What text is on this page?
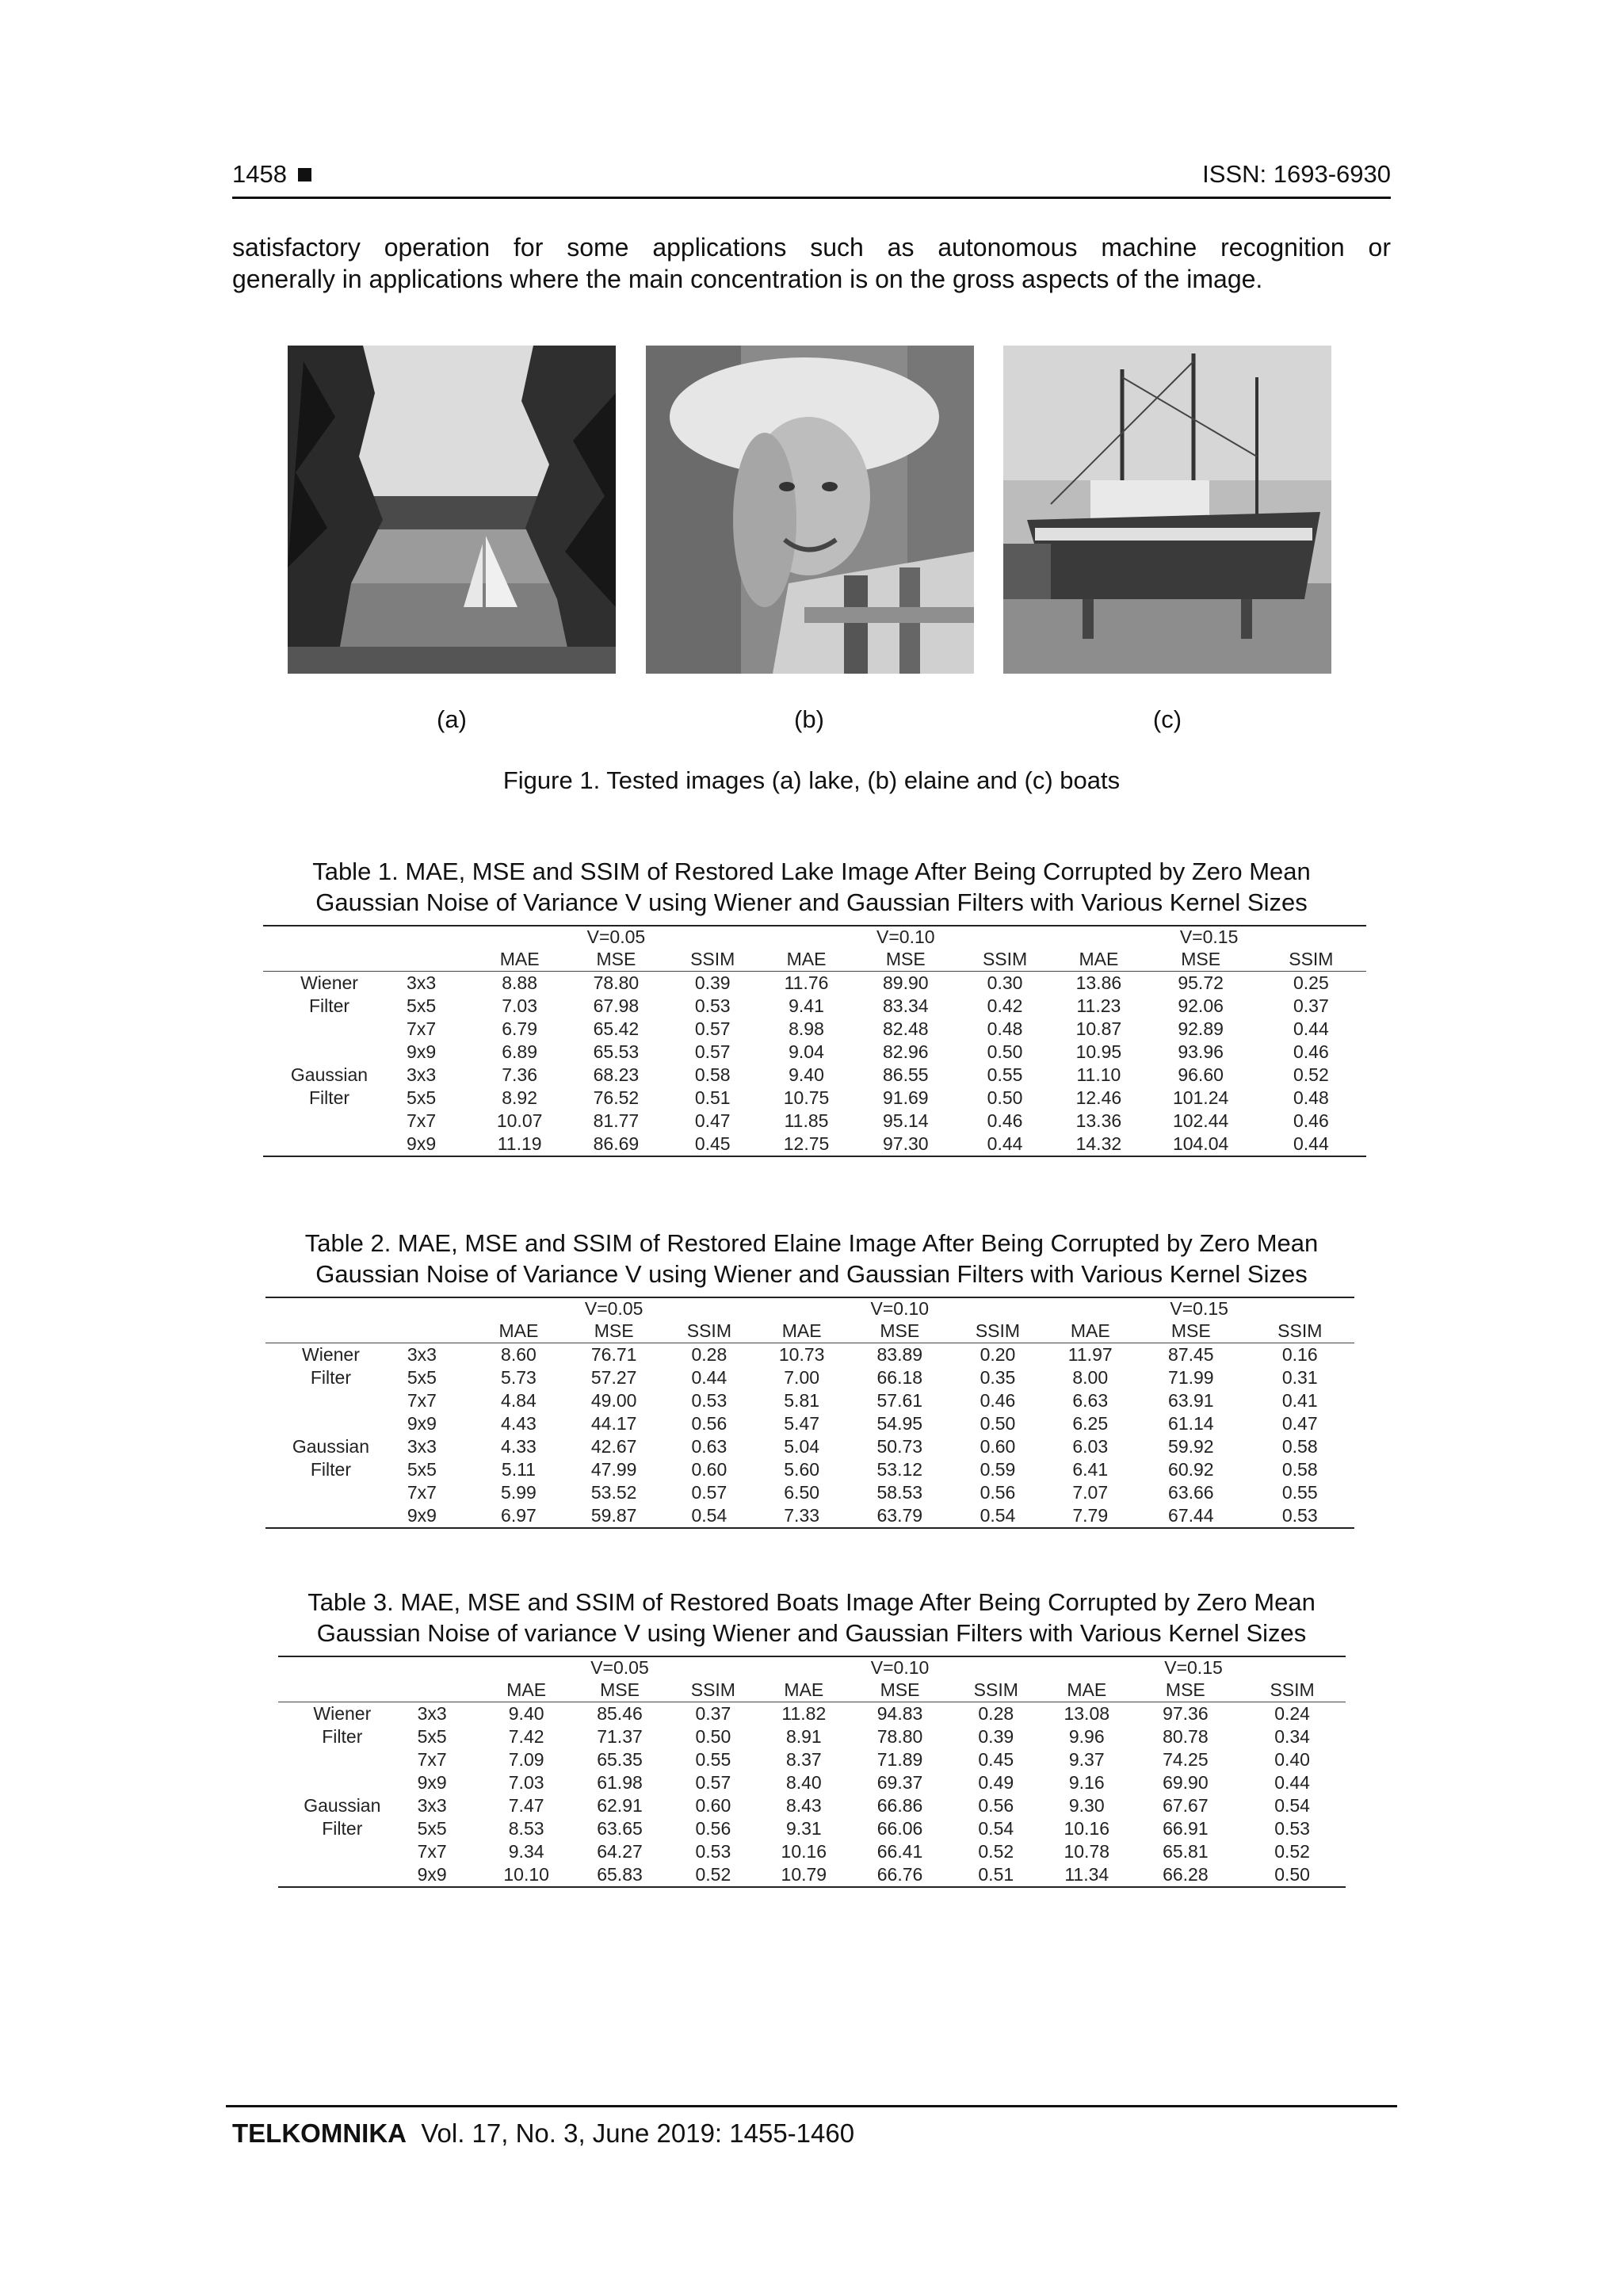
1458	ISSN: 1693-6930
satisfactory operation for some applications such as autonomous machine recognition or
generally in applications where the main concentration is on the gross aspects of the image.
(a)	(b)	(c)
Figure 1. Tested images (a) lake, (b) elaine and (c) boats
Table 1. MAE, MSE and SSIM of Restored Lake Image After Being Corrupted by Zero Mean
Gaussian Noise of Variance V using Wiener and Gaussian Filters with Various Kernel Sizes
		V=0.05			V=0.10			V=0.15		
		MAE	MSE	SSIM	MAE	MSE	SSIM	MAE	MSE	SSIM
Wiener	3x3	8.88	78.80	0.39	11.76	89.90	0.30	13.86	95.72	0.25
Filter	5x5	7.03	67.98	0.53	9.41	83.34	0.42	11.23	92.06	0.37
	7x7	6.79	65.42	0.57	8.98	82.48	0.48	10.87	92.89	0.44
	9x9	6.89	65.53	0.57	9.04	82.96	0.50	10.95	93.96	0.46
Gaussian	3x3	7.36	68.23	0.58	9.40	86.55	0.55	11.10	96.60	0.52
Filter	5x5	8.92	76.52	0.51	10.75	91.69	0.50	12.46	101.24	0.48
	7x7	10.07	81.77	0.47	11.85	95.14	0.46	13.36	102.44	0.46
	9x9	11.19	86.69	0.45	12.75	97.30	0.44	14.32	104.04	0.44
Table 2. MAE, MSE and SSIM of Restored Elaine Image After Being Corrupted by Zero Mean
Gaussian Noise of Variance V using Wiener and Gaussian Filters with Various Kernel Sizes
		V=0.05			V=0.10			V=0.15		
		MAE	MSE	SSIM	MAE	MSE	SSIM	MAE	MSE	SSIM
Wiener	3x3	8.60	76.71	0.28	10.73	83.89	0.20	11.97	87.45	0.16
Filter	5x5	5.73	57.27	0.44	7.00	66.18	0.35	8.00	71.99	0.31
	7x7	4.84	49.00	0.53	5.81	57.61	0.46	6.63	63.91	0.41
	9x9	4.43	44.17	0.56	5.47	54.95	0.50	6.25	61.14	0.47
Gaussian	3x3	4.33	42.67	0.63	5.04	50.73	0.60	6.03	59.92	0.58
Filter	5x5	5.11	47.99	0.60	5.60	53.12	0.59	6.41	60.92	0.58
	7x7	5.99	53.52	0.57	6.50	58.53	0.56	7.07	63.66	0.55
	9x9	6.97	59.87	0.54	7.33	63.79	0.54	7.79	67.44	0.53
Table 3. MAE, MSE and SSIM of Restored Boats Image After Being Corrupted by Zero Mean
Gaussian Noise of variance V using Wiener and Gaussian Filters with Various Kernel Sizes
		V=0.05			V=0.10			V=0.15		
		MAE	MSE	SSIM	MAE	MSE	SSIM	MAE	MSE	SSIM
Wiener	3x3	9.40	85.46	0.37	11.82	94.83	0.28	13.08	97.36	0.24
Filter	5x5	7.42	71.37	0.50	8.91	78.80	0.39	9.96	80.78	0.34
	7x7	7.09	65.35	0.55	8.37	71.89	0.45	9.37	74.25	0.40
	9x9	7.03	61.98	0.57	8.40	69.37	0.49	9.16	69.90	0.44
Gaussian	3x3	7.47	62.91	0.60	8.43	66.86	0.56	9.30	67.67	0.54
Filter	5x5	8.53	63.65	0.56	9.31	66.06	0.54	10.16	66.91	0.53
	7x7	9.34	64.27	0.53	10.16	66.41	0.52	10.78	65.81	0.52
	9x9	10.10	65.83	0.52	10.79	66.76	0.51	11.34	66.28	0.50
TELKOMNIKA Vol. 17, No. 3, June 2019: 1455-1460
